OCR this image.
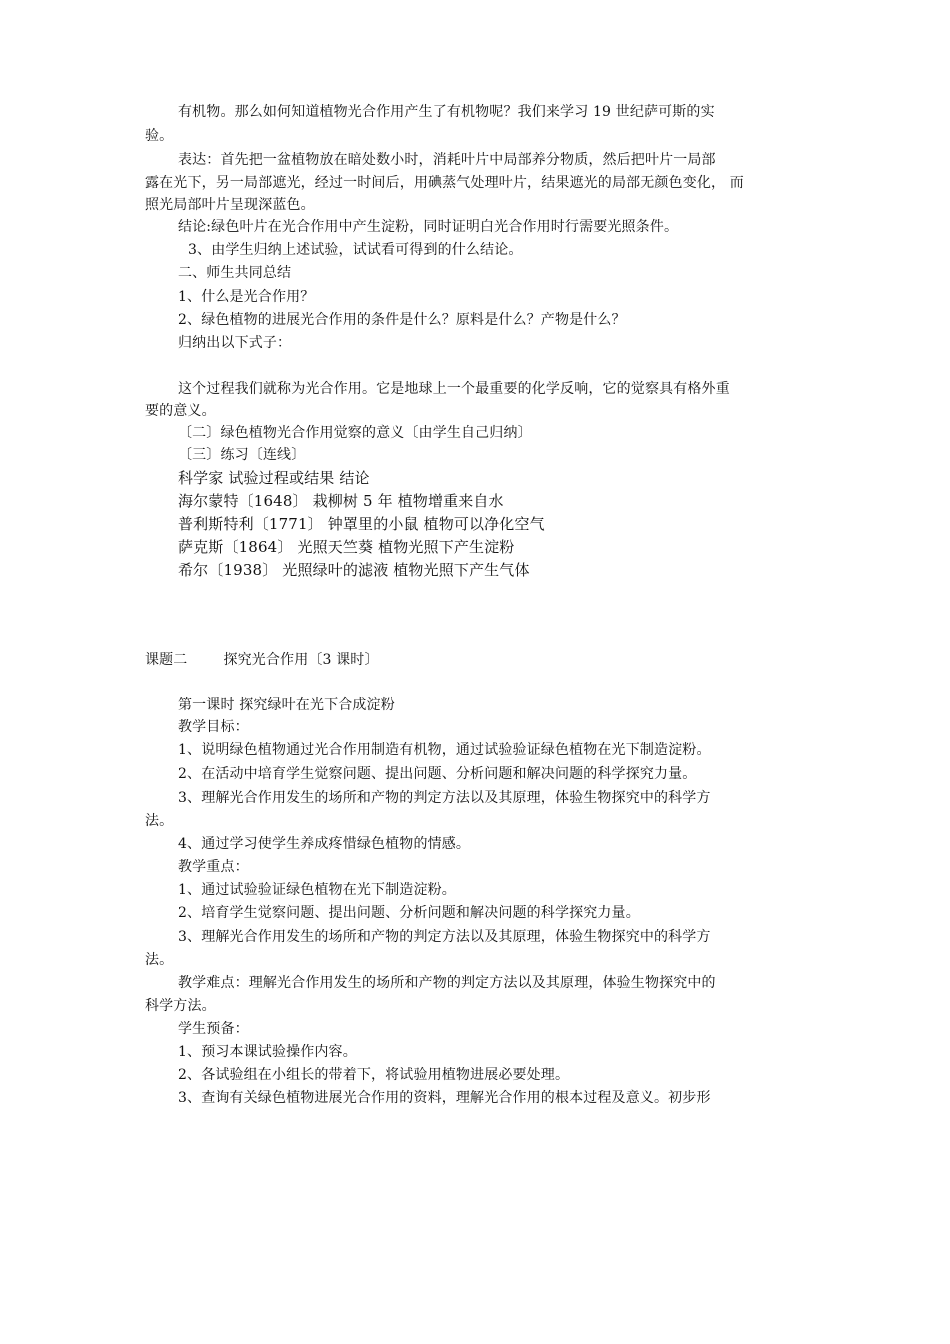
有机物。那么如何知道植物光合作用产生了有机物呢？我们来学习 19 世纪萨可斯的实
验。
表达：首先把一盆植物放在暗处数小时，消耗叶片中局部养分物质，然后把叶片一局部
露在光下，另一局部遮光，经过一时间后，用碘蒸气处理叶片，结果遮光的局部无颜色变化， 而
照光局部叶片呈现深蓝色。
结论:绿色叶片在光合作用中产生淀粉，同时证明白光合作用时行需要光照条件。
3、由学生归纳上述试验，试试看可得到的什么结论。
二、师生共同总结
1、什么是光合作用？
2、绿色植物的进展光合作用的条件是什么？原料是什么？产物是什么？
归纳出以下式子：
这个过程我们就称为光合作用。它是地球上一个最重要的化学反响，它的觉察具有格外重
要的意义。
〔二〕绿色植物光合作用觉察的意义〔由学生自己归纳〕
〔三〕练习〔连线〕
科学家 试验过程或结果 结论
海尔蒙特〔1648〕 栽柳树 5 年 植物增重来自水
普利斯特利〔1771〕 钟罩里的小鼠 植物可以净化空气
萨克斯〔1864〕 光照天竺葵 植物光照下产生淀粉
希尔〔1938〕 光照绿叶的滤液 植物光照下产生气体
课题二	探究光合作用〔3 课时〕
第一课时 探究绿叶在光下合成淀粉
教学目标：
1、说明绿色植物通过光合作用制造有机物，通过试验验证绿色植物在光下制造淀粉。
2、在活动中培育学生觉察问题、提出问题、分析问题和解决问题的科学探究力量。
3、理解光合作用发生的场所和产物的判定方法以及其原理，体验生物探究中的科学方
法。
4、通过学习使学生养成疼惜绿色植物的情感。
教学重点：
1、通过试验验证绿色植物在光下制造淀粉。
2、培育学生觉察问题、提出问题、分析问题和解决问题的科学探究力量。
3、理解光合作用发生的场所和产物的判定方法以及其原理，体验生物探究中的科学方
法。
教学难点：理解光合作用发生的场所和产物的判定方法以及其原理，体验生物探究中的
科学方法。
学生预备：
1、预习本课试验操作内容。
2、各试验组在小组长的带着下，将试验用植物进展必要处理。
3、查询有关绿色植物进展光合作用的资料，理解光合作用的根本过程及意义。初步形
